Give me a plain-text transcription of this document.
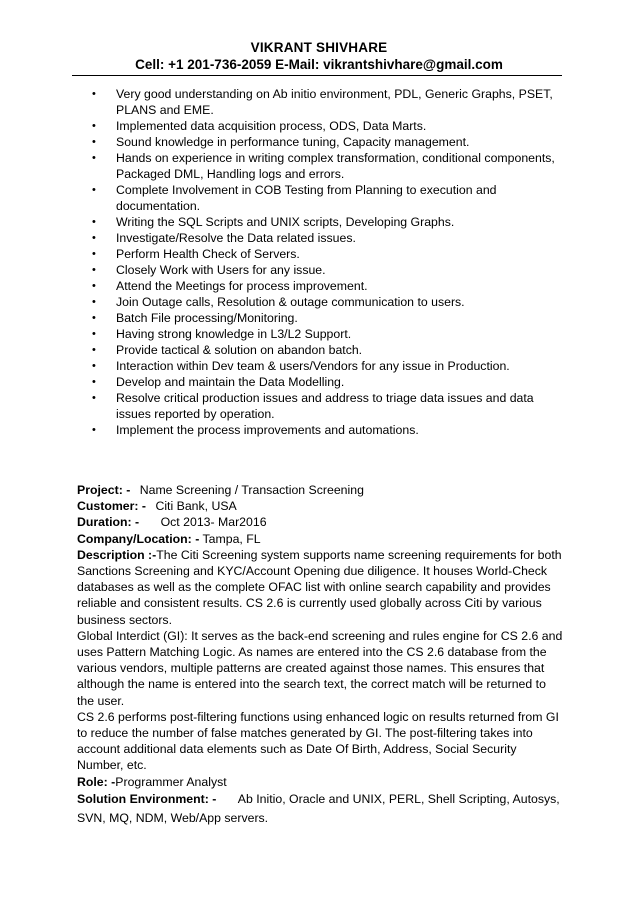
VIKRANT SHIVHARE
Cell: +1 201-736-2059 E-Mail: vikrantshivhare@gmail.com
• Very good understanding on Ab initio environment, PDL, Generic Graphs, PSET, PLANS and EME.
• Implemented data acquisition process, ODS, Data Marts.
• Sound knowledge in performance tuning, Capacity management.
• Hands on experience in writing complex transformation, conditional components, Packaged DML, Handling logs and errors.
• Complete Involvement in COB Testing from Planning to execution and documentation.
• Writing the SQL Scripts and UNIX scripts, Developing Graphs.
• Investigate/Resolve the Data related issues.
• Perform Health Check of Servers.
• Closely Work with Users for any issue.
• Attend the Meetings for process improvement.
• Join Outage calls, Resolution & outage communication to users.
• Batch File processing/Monitoring.
• Having strong knowledge in L3/L2 Support.
• Provide tactical & solution on abandon batch.
• Interaction within Dev team & users/Vendors for any issue in Production.
• Develop and maintain the Data Modelling.
• Resolve critical production issues and address to triage data issues and data issues reported by operation.
• Implement the process improvements and automations.

Project: - Name Screening / Transaction Screening

Customer: - Citi Bank, USA

Duration: - Oct 2013- Mar2016

Company/Location: - Tampa, FL

Description :-The Citi Screening system supports name screening requirements for both Sanctions Screening and KYC/Account Opening due diligence. It houses World-Check databases as well as the complete OFAC list with online search capability and provides reliable and consistent results. CS 2.6 is currently used globally across Citi by various business sectors.

Global Interdict (GI): It serves as the back-end screening and rules engine for CS 2.6 and uses Pattern Matching Logic. As names are entered into the CS 2.6 database from the various vendors, multiple patterns are created against those names. This ensures that although the name is entered into the search text, the correct match will be returned to the user.

CS 2.6 performs post-filtering functions using enhanced logic on results returned from GI to reduce the number of false matches generated by GI. The post-filtering takes into account additional data elements such as Date Of Birth, Address, Social Security Number, etc.

Role: -Programmer Analyst

Solution Environment: - Ab Initio, Oracle and UNIX, PERL, Shell Scripting, Autosys, SVN, MQ, NDM, Web/App servers.
